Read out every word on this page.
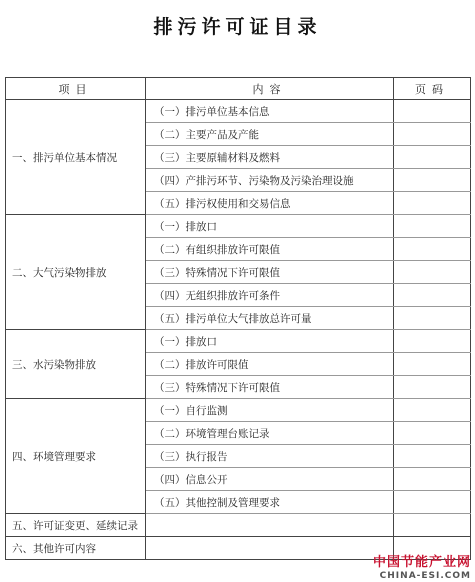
排污许可证目录
项目	内容	页码
一、排污单位基本情况	（一）排污单位基本信息	
	（二）主要产品及产能	
	（三）主要原辅材料及燃料	
	（四）产排污环节、污染物及污染治理设施	
	（五）排污权使用和交易信息	
二、大气污染物排放	（一）排放口	
	（二）有组织排放许可限值	
	（三）特殊情况下许可限值	
	（四）无组织排放许可条件	
	（五）排污单位大气排放总许可量	
三、水污染物排放	（一）排放口	
	（二）排放许可限值	
	（三）特殊情况下许可限值	
四、环境管理要求	（一）自行监测	
	（二）环境管理台账记录	
	（三）执行报告	
	（四）信息公开	
	（五）其他控制及管理要求	
五、许可证变更、延续记录		
六、其他许可内容		
中国节能产业网
CHINA-ESI.COM
